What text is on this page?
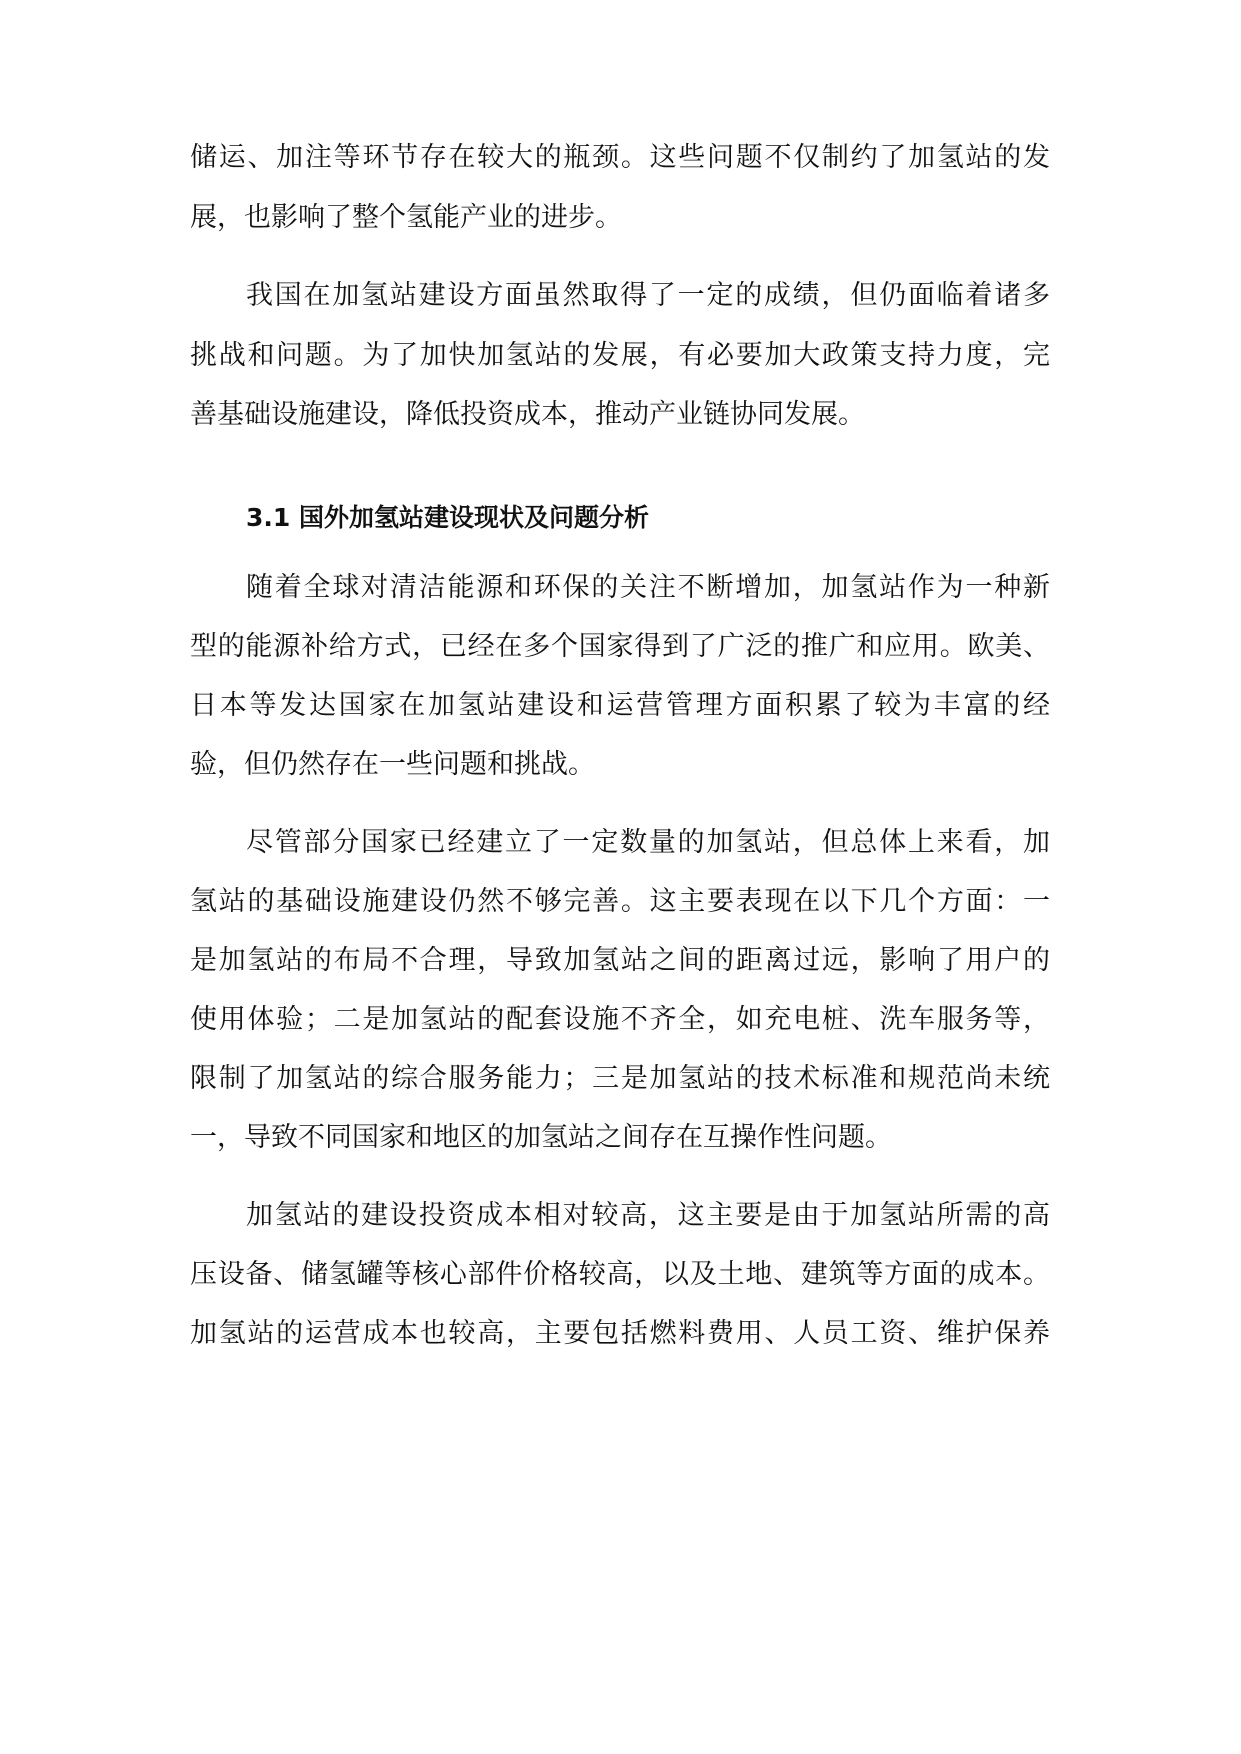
储运、加注等环节存在较大的瓶颈。这些问题不仅制约了加氢站的发
展，也影响了整个氢能产业的进步。
我国在加氢站建设方面虽然取得了一定的成绩，但仍面临着诸多
挑战和问题。为了加快加氢站的发展，有必要加大政策支持力度，完
善基础设施建设，降低投资成本，推动产业链协同发展。
3.1 国外加氢站建设现状及问题分析
随着全球对清洁能源和环保的关注不断增加，加氢站作为一种新
型的能源补给方式，已经在多个国家得到了广泛的推广和应用。欧美、
日本等发达国家在加氢站建设和运营管理方面积累了较为丰富的经
验，但仍然存在一些问题和挑战。
尽管部分国家已经建立了一定数量的加氢站，但总体上来看，加
氢站的基础设施建设仍然不够完善。这主要表现在以下几个方面：一
是加氢站的布局不合理，导致加氢站之间的距离过远，影响了用户的
使用体验；二是加氢站的配套设施不齐全，如充电桩、洗车服务等，
限制了加氢站的综合服务能力；三是加氢站的技术标准和规范尚未统
一，导致不同国家和地区的加氢站之间存在互操作性问题。
加氢站的建设投资成本相对较高，这主要是由于加氢站所需的高
压设备、储氢罐等核心部件价格较高，以及土地、建筑等方面的成本。
加氢站的运营成本也较高，主要包括燃料费用、人员工资、维护保养
